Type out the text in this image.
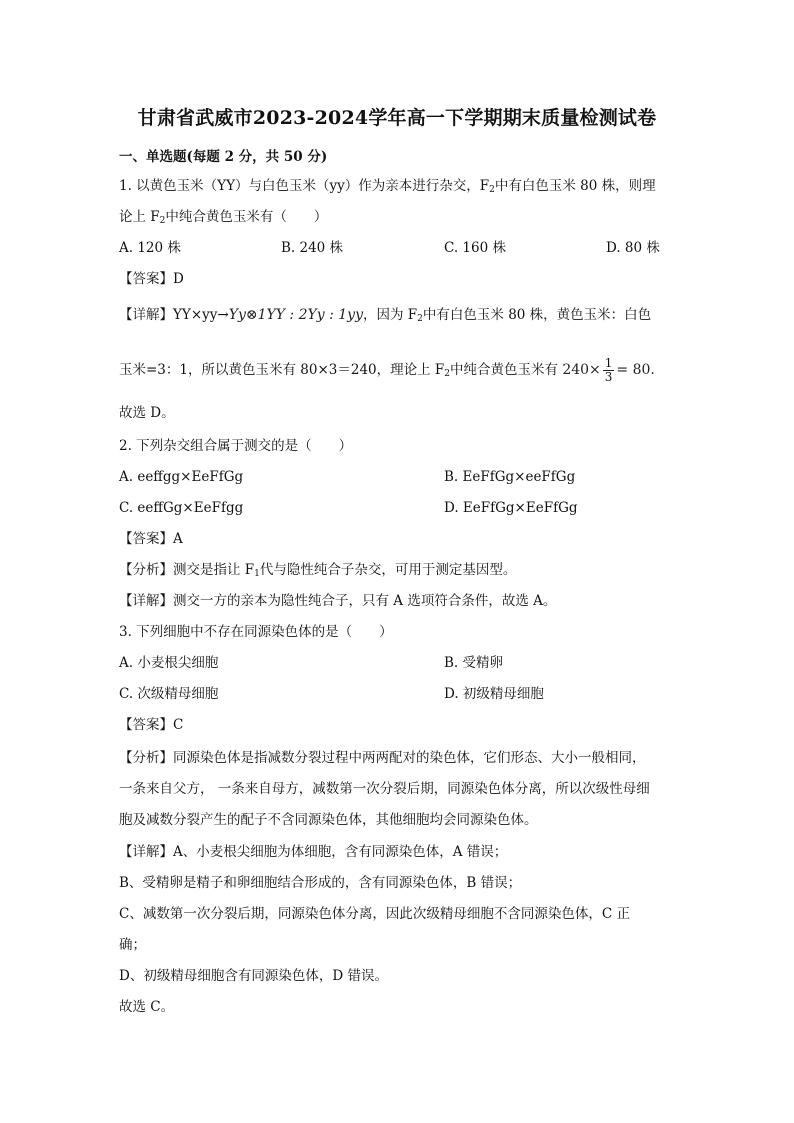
甘肃省武威市2023-2024学年高一下学期期末质量检测试卷
一、单选题(每题 2 分，共 50 分)
1. 以黄色玉米（YY）与白色玉米（yy）作为亲本进行杂交，$F_2$中有白色玉米 80 株，则理
论上 $F_2$中纯合黄色玉米有（　　）
A. 120 株	B. 240 株	C. 160 株	D. 80 株
【答案】D
【详解】YY×yy→Yy⊗1YY : 2Yy : 1yy，因为 $F_2$中有白色玉米 80 株，黄色玉米：白色
玉米=3：1，所以黄色玉米有 80×3＝240，理论上 $F_2$中纯合黄色玉米有 $240\times \frac{1}{3} = 80$.
故选 D。
2. 下列杂交组合属于测交的是（　　）
A. eeffgg×EeFfGg	B. EeFfGg×eeFfGg
C. eeffGg×EeFfgg	D. EeFfGg×EeFfGg
【答案】A
【分析】测交是指让 $F_1$代与隐性纯合子杂交，可用于测定基因型。
【详解】测交一方的亲本为隐性纯合子，只有 A 选项符合条件，故选 A。
3. 下列细胞中不存在同源染色体的是（　　）
A. 小麦根尖细胞	B. 受精卵
C. 次级精母细胞	D. 初级精母细胞
【答案】C
【分析】同源染色体是指减数分裂过程中两两配对的染色体，它们形态、大小一般相同，
一条来自父方， 一条来自母方，减数第一次分裂后期，同源染色体分离，所以次级性母细
胞及减数分裂产生的配子不含同源染色体，其他细胞均会同源染色体。
【详解】A、小麦根尖细胞为体细胞，含有同源染色体，A 错误；
B、受精卵是精子和卵细胞结合形成的，含有同源染色体，B 错误；
C、减数第一次分裂后期，同源染色体分离，因此次级精母细胞不含同源染色体，C 正
确；
D、初级精母细胞含有同源染色体，D 错误。
故选 C。
